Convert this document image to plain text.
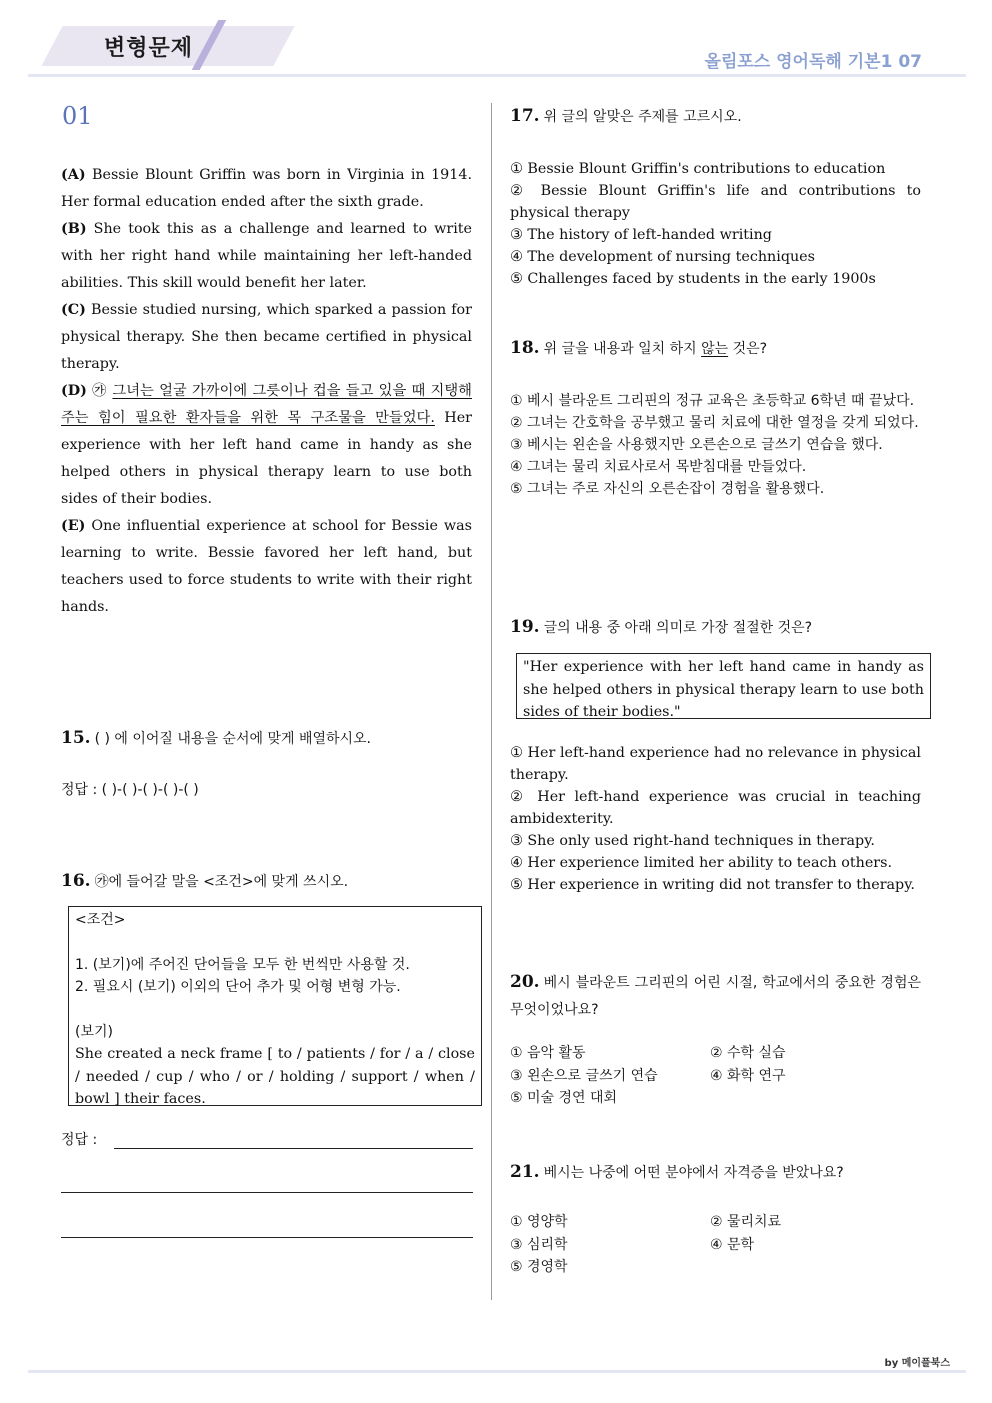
변형문제
올림포스 영어독해 기본1 07
01

(A) Bessie Blount Griffin was born in Virginia in 1914. Her formal education ended after the sixth grade.

(B) She took this as a challenge and learned to write with her right hand while maintaining her left-handed abilities. This skill would benefit her later.

(C) Bessie studied nursing, which sparked a passion for physical therapy. She then became certified in physical therapy.

(D) ㉮ 그녀는 얼굴 가까이에 그릇이나 컵을 들고 있을 때 지탱해 주는 힘이 필요한 환자들을 위한 목 구조물을 만들었다. Her experience with her left hand came in handy as she helped others in physical therapy learn to use both sides of their bodies.

(E) One influential experience at school for Bessie was learning to write. Bessie favored her left hand, but teachers used to force students to write with their right hands.

15. ( ) 에 이어질 내용을 순서에 맞게 배열하시오.
정답 : ( )-( )-( )-( )-( )
16. ㉮에 들어갈 말을 <조건>에 맞게 쓰시오.
<조건>
1. (보기)에 주어진 단어들을 모두 한 번씩만 사용할 것.
2. 필요시 (보기) 이외의 단어 추가 및 어형 변형 가능.
(보기)
She created a neck frame [ to / patients / for / a / close / needed / cup / who / or / holding / support / when / bowl ] their faces.
정답 :
17. 위 글의 알맞은 주제를 고르시오.
① Bessie Blount Griffin's contributions to education
② Bessie Blount Griffin's life and contributions to physical therapy
③ The history of left-handed writing
④ The development of nursing techniques
⑤ Challenges faced by students in the early 1900s
18. 위 글을 내용과 일치 하지 않는 것은?
① 베시 블라운트 그리핀의 정규 교육은 초등학교 6학년 때 끝났다.
② 그녀는 간호학을 공부했고 물리 치료에 대한 열정을 갖게 되었다.
③ 베시는 왼손을 사용했지만 오른손으로 글쓰기 연습을 했다.
④ 그녀는 물리 치료사로서 목받침대를 만들었다.
⑤ 그녀는 주로 자신의 오른손잡이 경험을 활용했다.
19. 글의 내용 중 아래 의미로 가장 절절한 것은?
"Her experience with her left hand came in handy as she helped others in physical therapy learn to use both sides of their bodies."
① Her left-hand experience had no relevance in physical therapy.
② Her left-hand experience was crucial in teaching ambidexterity.
③ She only used right-hand techniques in therapy.
④ Her experience limited her ability to teach others.
⑤ Her experience in writing did not transfer to therapy.
20. 베시 블라운트 그리핀의 어린 시절, 학교에서의 중요한 경험은 무엇이었나요?
① 음악 활동	② 수학 실습
③ 왼손으로 글쓰기 연습	④ 화학 연구
⑤ 미술 경연 대회
21. 베시는 나중에 어떤 분야에서 자격증을 받았나요?
① 영양학	② 물리치료
③ 심리학	④ 문학
⑤ 경영학
by 메이플북스
